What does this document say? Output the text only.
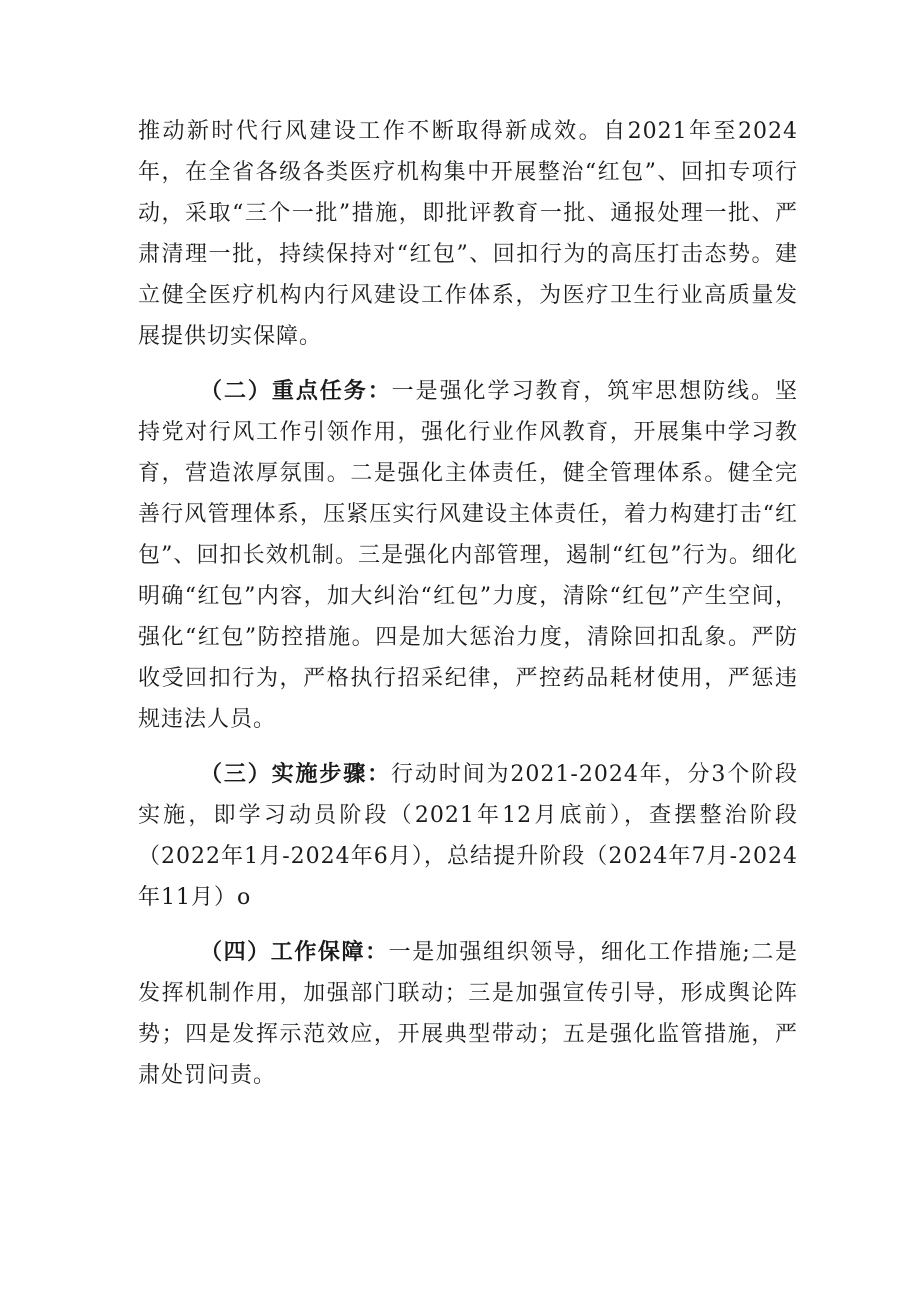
推动新时代行风建设工作不断取得新成效。自2021年至2024年，在全省各级各类医疗机构集中开展整治“红包”、回扣专项行动，采取“三个一批”措施，即批评教育一批、通报处理一批、严肃清理一批，持续保持对“红包”、回扣行为的高压打击态势。建立健全医疗机构内行风建设工作体系，为医疗卫生行业高质量发展提供切实保障。

（二）重点任务：一是强化学习教育，筑牢思想防线。坚持党对行风工作引领作用，强化行业作风教育，开展集中学习教育，营造浓厚氛围。二是强化主体责任，健全管理体系。健全完善行风管理体系，压紧压实行风建设主体责任，着力构建打击“红包”、回扣长效机制。三是强化内部管理，遏制“红包”行为。细化明确“红包”内容，加大纠治“红包”力度，清除“红包”产生空间，强化“红包”防控措施。四是加大惩治力度，清除回扣乱象。严防收受回扣行为，严格执行招采纪律，严控药品耗材使用，严惩违规违法人员。

（三）实施步骤：行动时间为2021-2024年，分3个阶段实施，即学习动员阶段（2021年12月底前），查摆整治阶段（2022年1月-2024年6月），总结提升阶段（2024年7月-2024年11月）o

（四）工作保障：一是加强组织领导，细化工作措施;二是发挥机制作用，加强部门联动；三是加强宣传引导，形成舆论阵势；四是发挥示范效应，开展典型带动；五是强化监管措施，严肃处罚问责。
